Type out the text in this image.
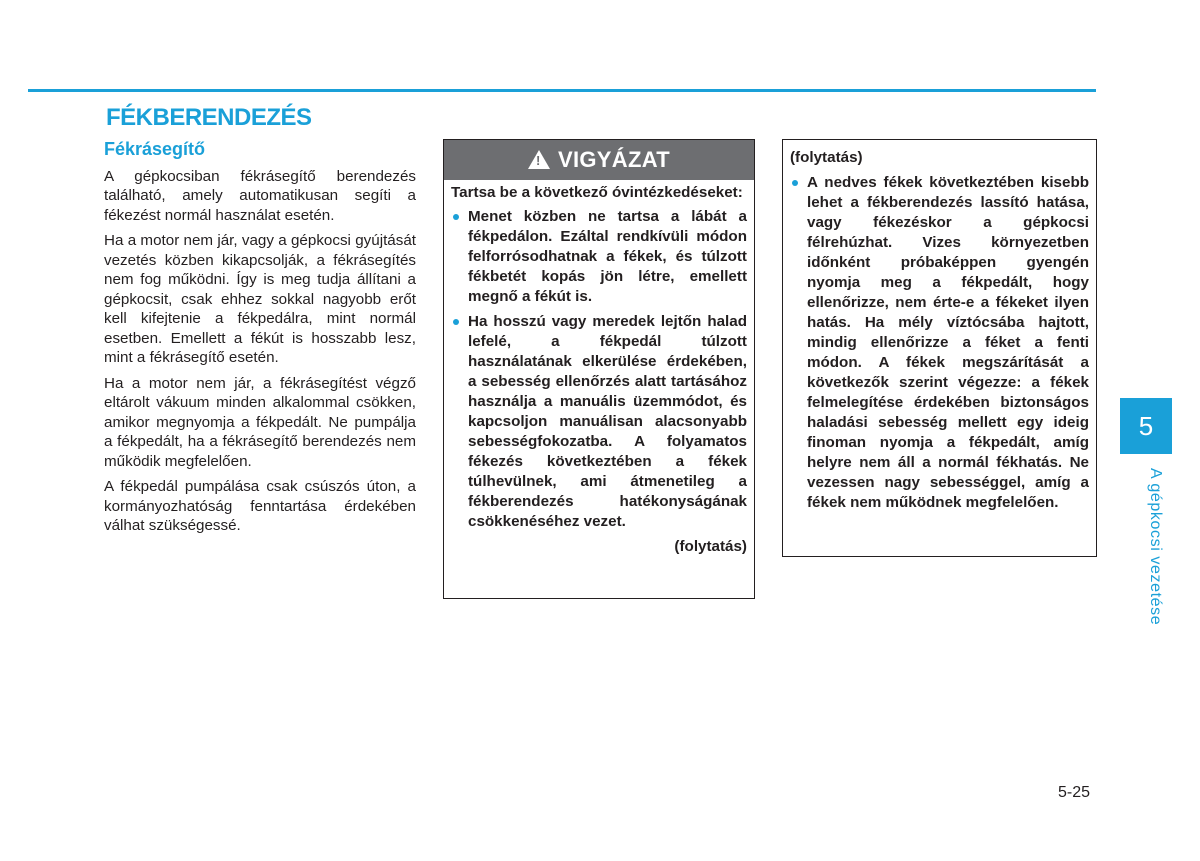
FÉKBERENDEZÉS
Fékrásegítő

A gépkocsiban fékrásegítő berendezés található, amely automatikusan segíti a fékezést normál használat esetén.

Ha a motor nem jár, vagy a gépkocsi gyújtását vezetés közben kikapcsolják, a fékrásegítés nem fog működni. Így is meg tudja állítani a gépkocsit, csak ehhez sokkal nagyobb erőt kell kifejtenie a fékpedálra, mint normál esetben. Emellett a fékút is hosszabb lesz, mint a fékrásegítő esetén.

Ha a motor nem jár, a fékrásegítést végző eltárolt vákuum minden alkalommal csökken, amikor megnyomja a fékpedált. Ne pumpálja a fékpedált, ha a fékrásegítő berendezés nem működik megfelelően.

A fékpedál pumpálása csak csúszós úton, a kormányozhatóság fenntartása érdekében válhat szükségessé.

! VIGYÁZAT

Tartsa be a következő óvintézkedéseket:

Menet közben ne tartsa a lábát a fékpedálon. Ezáltal rendkívüli módon felforrósodhatnak a fékek, és túlzott fékbetét kopás jön létre, emellett megnő a fékút is.
Ha hosszú vagy meredek lejtőn halad lefelé, a fékpedál túlzott használatának elkerülése érdekében, a sebesség ellenőrzés alatt tartásához használja a manuális üzemmódot, és kapcsoljon manuálisan alacsonyabb sebességfokozatba. A folyamatos fékezés következtében a fékek túlhevülnek, ami átmenetileg a fékberendezés hatékonyságának csökkenéséhez vezet.

(folytatás)

(folytatás)

A nedves fékek következtében kisebb lehet a fékberendezés lassító hatása, vagy fékezéskor a gépkocsi félrehúzhat. Vizes környezetben időnként próbaképpen gyengén nyomja meg a fékpedált, hogy ellenőrizze, nem érte-e a fékeket ilyen hatás. Ha mély víztócsába hajtott, mindig ellenőrizze a féket a fenti módon. A fékek megszárítását a következők szerint végezze: a fékek felmelegítése érdekében biztonságos haladási sebesség mellett egy ideig finoman nyomja a fékpedált, amíg helyre nem áll a normál fékhatás. Ne vezessen nagy sebességgel, amíg a fékek nem működnek megfelelően.
5
A gépkocsi vezetése
5-25
